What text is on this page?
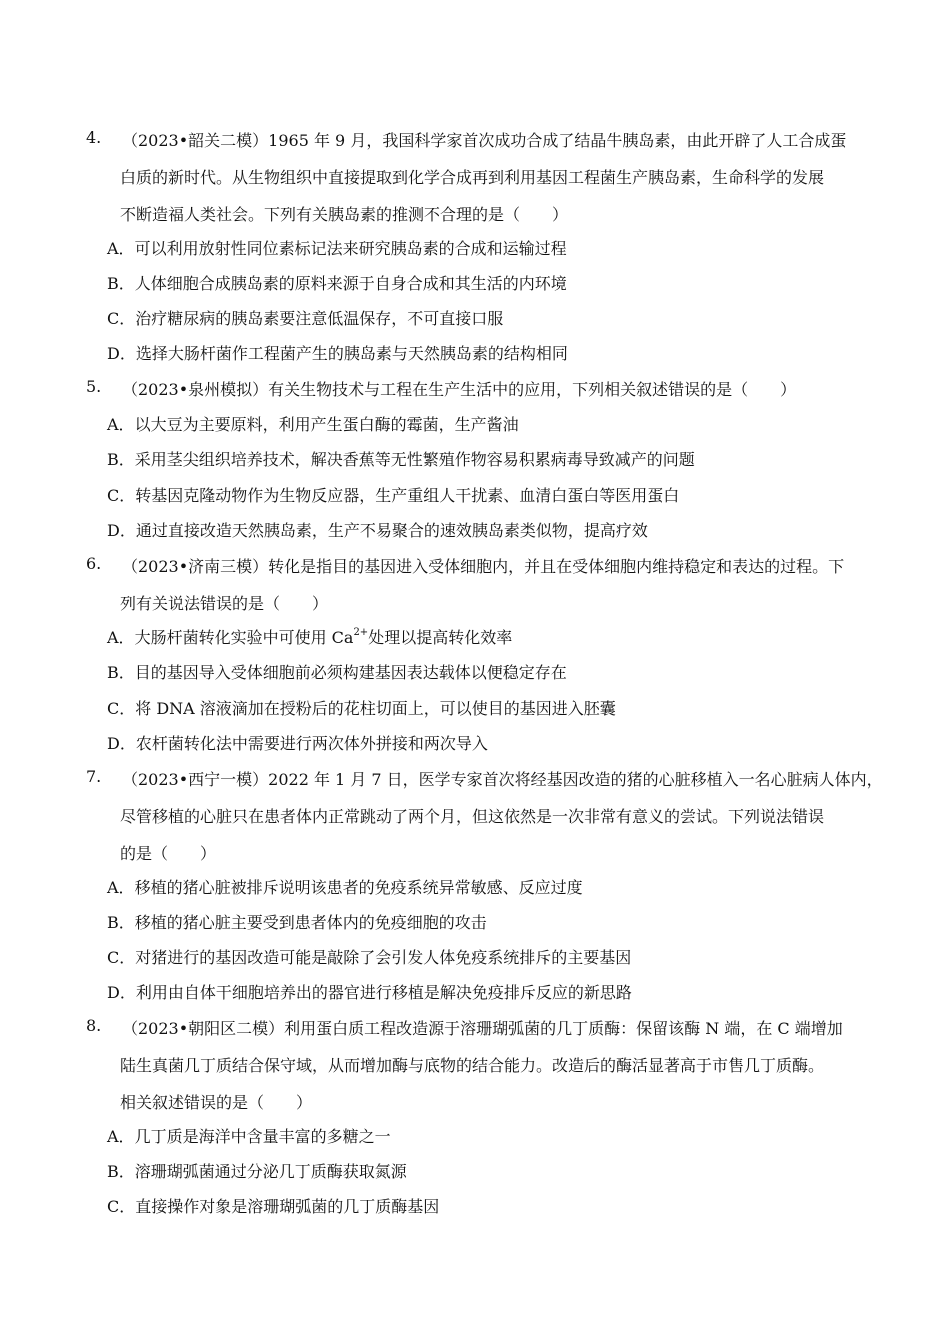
4.	（2023•韶关二模）1965 年 9 月，我国科学家首次成功合成了结晶牛胰岛素，由此开辟了人工合成蛋
白质的新时代。从生物组织中直接提取到化学合成再到利用基因工程菌生产胰岛素，生命科学的发展
不断造福人类社会。下列有关胰岛素的推测不合理的是（　　）
A．可以利用放射性同位素标记法来研究胰岛素的合成和运输过程
B．人体细胞合成胰岛素的原料来源于自身合成和其生活的内环境
C．治疗糖尿病的胰岛素要注意低温保存，不可直接口服
D．选择大肠杆菌作工程菌产生的胰岛素与天然胰岛素的结构相同
5.	（2023•泉州模拟）有关生物技术与工程在生产生活中的应用，下列相关叙述错误的是（　　）
A．以大豆为主要原料，利用产生蛋白酶的霉菌，生产酱油
B．采用茎尖组织培养技术，解决香蕉等无性繁殖作物容易积累病毒导致减产的问题
C．转基因克隆动物作为生物反应器，生产重组人干扰素、血清白蛋白等医用蛋白
D．通过直接改造天然胰岛素，生产不易聚合的速效胰岛素类似物，提高疗效
6.	（2023•济南三模）转化是指目的基因进入受体细胞内，并且在受体细胞内维持稳定和表达的过程。下
列有关说法错误的是（　　）
A．大肠杆菌转化实验中可使用 $Ca^{2+}$处理以提高转化效率
B．目的基因导入受体细胞前必须构建基因表达载体以便稳定存在
C．将 DNA 溶液滴加在授粉后的花柱切面上，可以使目的基因进入胚囊
D．农杆菌转化法中需要进行两次体外拼接和两次导入
7.	（2023•西宁一模）2022 年 1 月 7 日，医学专家首次将经基因改造的猪的心脏移植入一名心脏病人体内，
尽管移植的心脏只在患者体内正常跳动了两个月，但这依然是一次非常有意义的尝试。下列说法错误
的是（　　）
A．移植的猪心脏被排斥说明该患者的免疫系统异常敏感、反应过度
B．移植的猪心脏主要受到患者体内的免疫细胞的攻击
C．对猪进行的基因改造可能是敲除了会引发人体免疫系统排斥的主要基因
D．利用由自体干细胞培养出的器官进行移植是解决免疫排斥反应的新思路
8.	（2023•朝阳区二模）利用蛋白质工程改造源于溶珊瑚弧菌的几丁质酶：保留该酶 N 端，在 C 端增加
陆生真菌几丁质结合保守域，从而增加酶与底物的结合能力。改造后的酶活显著高于市售几丁质酶。
相关叙述错误的是（　　）
A．几丁质是海洋中含量丰富的多糖之一
B．溶珊瑚弧菌通过分泌几丁质酶获取氮源
C．直接操作对象是溶珊瑚弧菌的几丁质酶基因
